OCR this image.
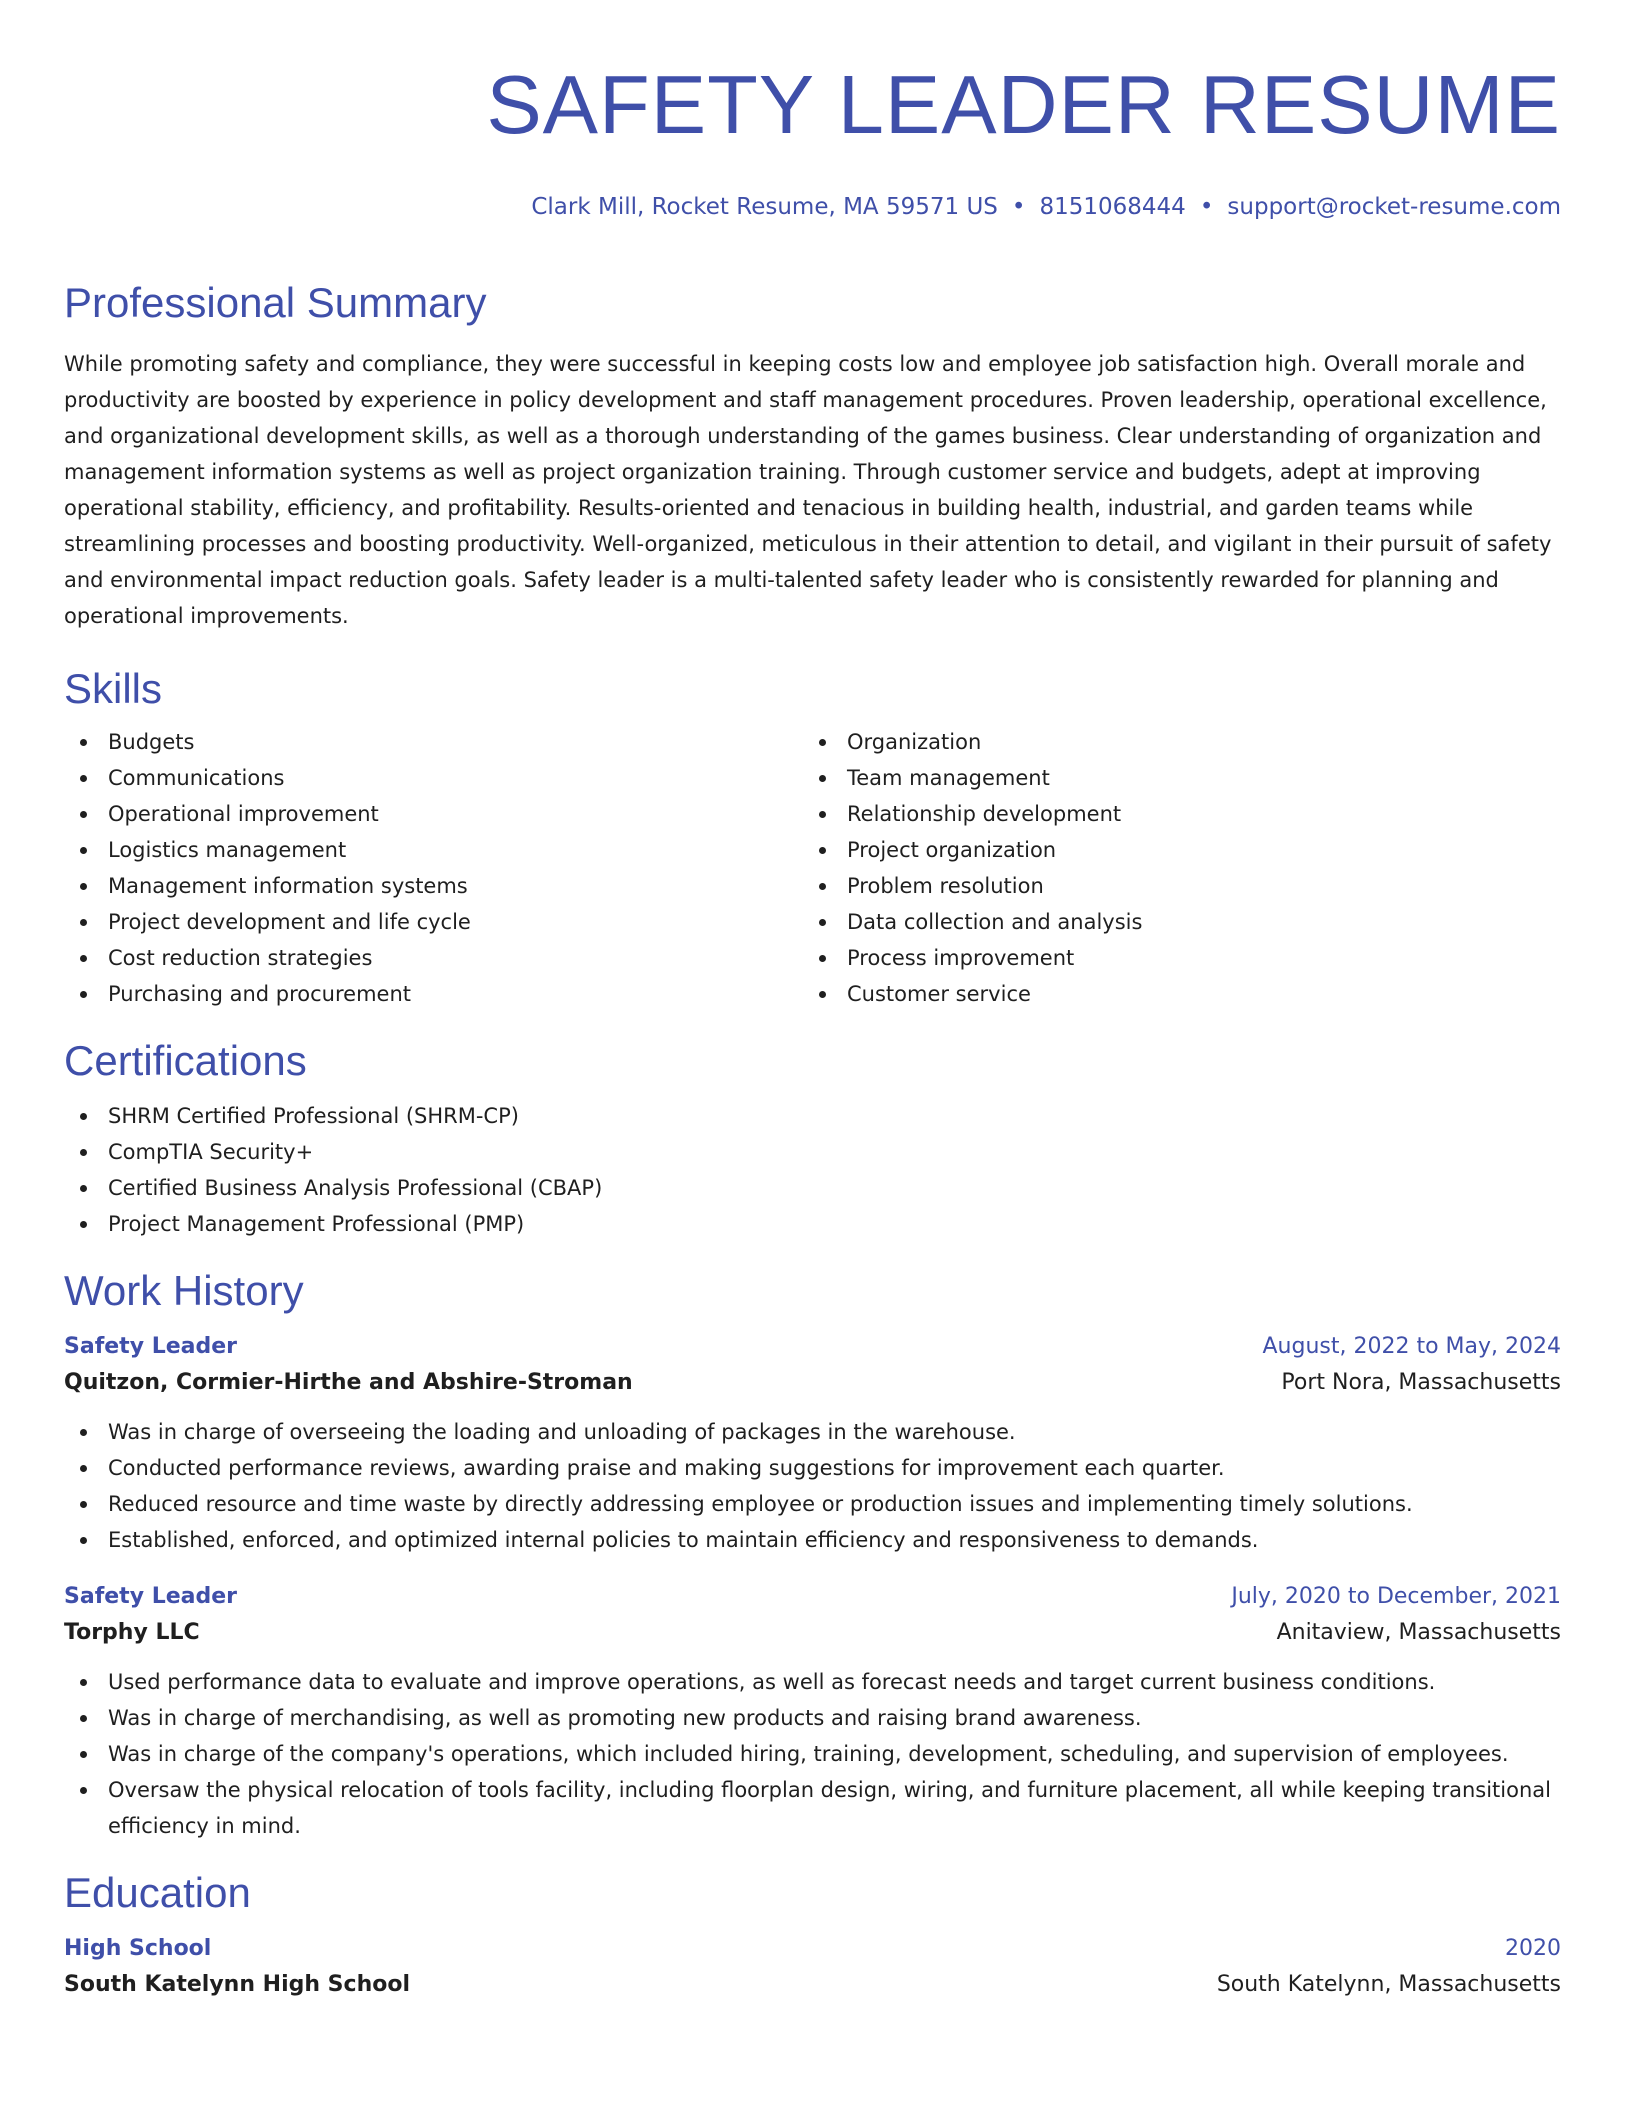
SAFETY LEADER RESUME
Clark Mill, Rocket Resume, MA 59571 US • 8151068444 • support@rocket-resume.com
Professional Summary
While promoting safety and compliance, they were successful in keeping costs low and employee job satisfaction high. Overall morale and productivity are boosted by experience in policy development and staff management procedures. Proven leadership, operational excellence, and organizational development skills, as well as a thorough understanding of the games business. Clear understanding of organization and management information systems as well as project organization training. Through customer service and budgets, adept at improving operational stability, efficiency, and profitability. Results-oriented and tenacious in building health, industrial, and garden teams while streamlining processes and boosting productivity. Well-organized, meticulous in their attention to detail, and vigilant in their pursuit of safety and environmental impact reduction goals. Safety leader is a multi-talented safety leader who is consistently rewarded for planning and operational improvements.
Skills
Budgets
Communications
Operational improvement
Logistics management
Management information systems
Project development and life cycle
Cost reduction strategies
Purchasing and procurement
Organization
Team management
Relationship development
Project organization
Problem resolution
Data collection and analysis
Process improvement
Customer service
Certifications
SHRM Certified Professional (SHRM-CP)
CompTIA Security+
Certified Business Analysis Professional (CBAP)
Project Management Professional (PMP)
Work History
Safety Leader	August, 2022 to May, 2024
Quitzon, Cormier-Hirthe and Abshire-Stroman	Port Nora, Massachusetts
Was in charge of overseeing the loading and unloading of packages in the warehouse.
Conducted performance reviews, awarding praise and making suggestions for improvement each quarter.
Reduced resource and time waste by directly addressing employee or production issues and implementing timely solutions.
Established, enforced, and optimized internal policies to maintain efficiency and responsiveness to demands.
Safety Leader	July, 2020 to December, 2021
Torphy LLC	Anitaview, Massachusetts
Used performance data to evaluate and improve operations, as well as forecast needs and target current business conditions.
Was in charge of merchandising, as well as promoting new products and raising brand awareness.
Was in charge of the company's operations, which included hiring, training, development, scheduling, and supervision of employees.
Oversaw the physical relocation of tools facility, including floorplan design, wiring, and furniture placement, all while keeping transitional efficiency in mind.
Education
High School	2020
South Katelynn High School	South Katelynn, Massachusetts
